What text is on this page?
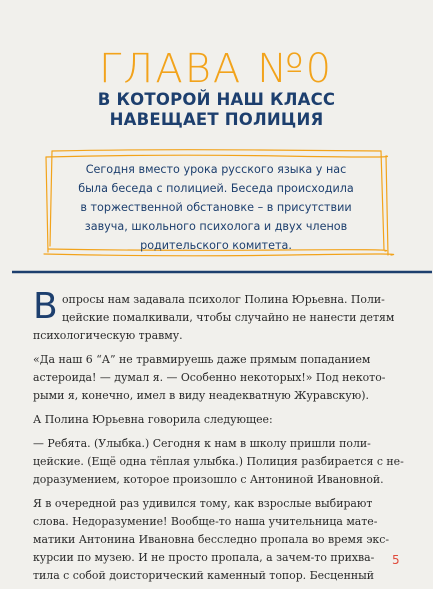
ГЛАВА №0
В КОТОРОЙ НАШ КЛАСС
НАВЕЩАЕТ ПОЛИЦИЯ
Сегодня вместо урока русского языка у нас
была беседа с полицией. Беседа происходила
в торжественной обстановке – в присутствии
завуча, школьного психолога и двух членов
родительского комитета.
В опросы нам задавала психолог Полина Юрьевна. Поли-
цейские помалкивали, чтобы случайно не нанести детям
психологическую травму.
«Да наш 6 “А” не травмируешь даже прямым попаданием
астероида! — думал я. — Особенно некоторых!» Под некото-
рыми я, конечно, имел в виду неадекватную Журавскую).
А Полина Юрьевна говорила следующее:
— Ребята. (Улыбка.) Сегодня к нам в школу пришли поли-
цейские. (Ещё одна тёплая улыбка.) Полиция разбирается с не-
доразумением, которое произошло с Антониной Ивановной.
Я в очередной раз удивился тому, как взрослые выбирают
слова. Недоразумение! Вообще-то наша учительница мате-
матики Антонина Ивановна бесследно пропала во время экс-
курсии по музею. И не просто пропала, а зачем-то прихва-
тила с собой доисторический каменный топор. Бесценный
5
